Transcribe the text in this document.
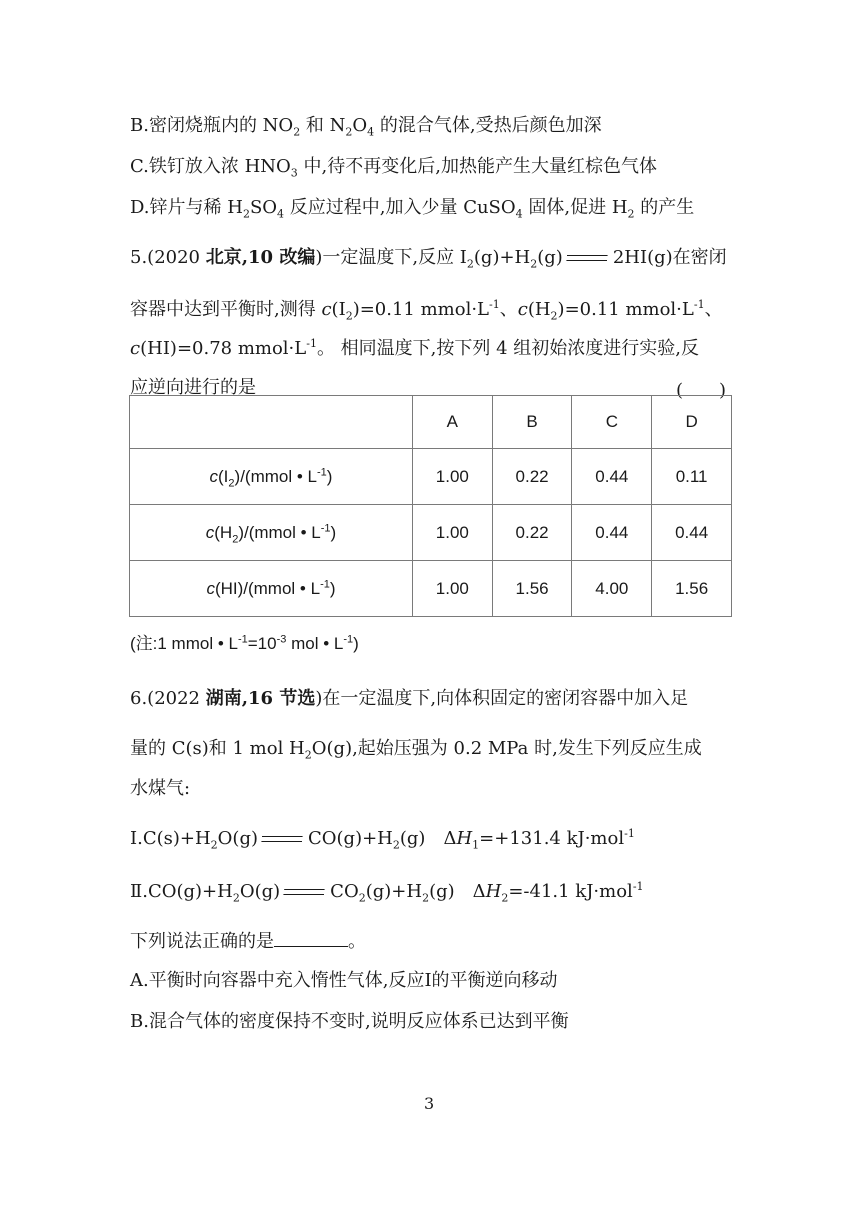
B.密闭烧瓶内的 $NO_2$ 和 $N_2O_4$ 的混合气体,受热后颜色加深
C.铁钉放入浓 $HNO_3$ 中,待不再变化后,加热能产生大量红棕色气体
D.锌片与稀 $H_2SO_4$ 反应过程中,加入少量 CuSO$_4$ 固体,促进 $H_2$ 的产生
5.(2020 北京,10 改编)一定温度下,反应 $I_2(g)+H_2(g)$	2HI(g)在密闭
容器中达到平衡时,测得 $c(I_2)=0.11$ $mmol\cdot L^{-1}$、$c(H_2)=0.11$ $mmol\cdot L^{-1}$、
c(HI)=0.78 $mmol\cdot L^{-1}$。 相同温度下,按下列 4 组初始浓度进行实验,反
应逆向进行的是	(　　)
	A	B	C	D
$c(I_2)/(mmol$ • $L^{-1}$)	1.00	0.22	0.44	0.11
$c(H_2)/(mmol$ • $L^{-1}$)	1.00	0.22	0.44	0.44
c(HI)/(mmol • $L^{-1}$)	1.00	1.56	4.00	1.56
(注:1 mmol • $L^{-1}=10^{-3}$ mol • $L^{-1}$)
6.(2022 湖南,16 节选)在一定温度下,向体积固定的密闭容器中加入足
量的 C(s)和 1 mol $H_2O(g)$,起始压强为 0.2 MPa 时,发生下列反应生成
水煤气:
$Ⅰ.C(s)+H_2O(g)$	$CO(g)+H_2(g)$　$\Delta H_1=+131.4$ kJ·mol$^{-1}$
$Ⅱ.CO(g)+H_2O(g)$	$CO_2(g)+H_2(g)$　$\Delta H_2=-41.1$ kJ·mol$^{-1}$
下列说法正确的是	。
A.平衡时向容器中充入惰性气体,反应Ⅰ的平衡逆向移动
B.混合气体的密度保持不变时,说明反应体系已达到平衡
3
